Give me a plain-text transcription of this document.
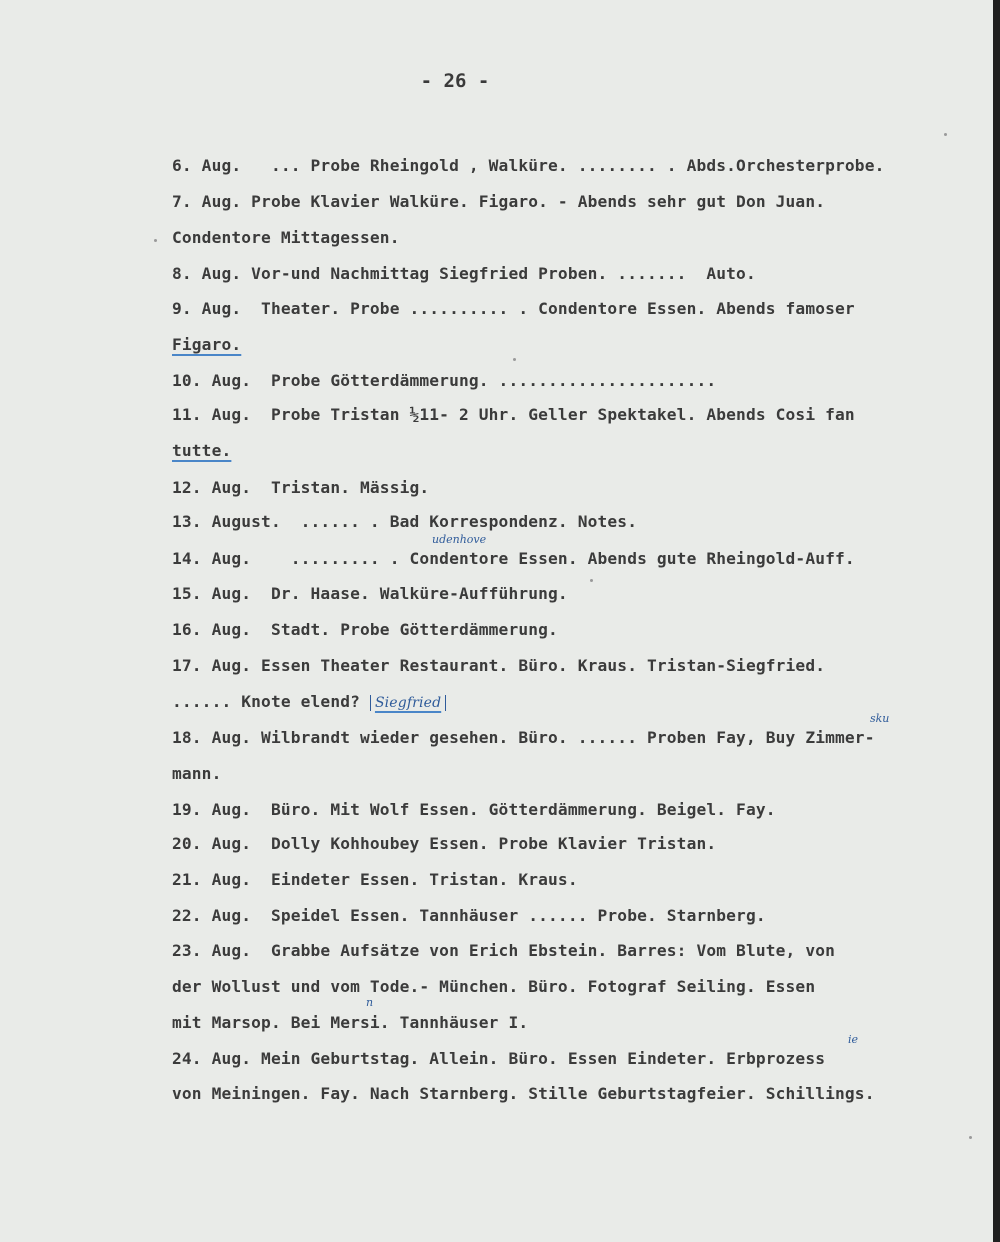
- 26 -
6. Aug.   ... Probe Rheingold , Walküre. ........ . Abds.Orchesterprobe.
7. Aug. Probe Klavier Walküre. Figaro. - Abends sehr gut Don Juan.
Condentore Mittagessen.
8. Aug. Vor-und Nachmittag Siegfried Proben. .......  Auto.
9. Aug.  Theater. Probe .......... . Condentore Essen. Abends famoser
Figaro.
10. Aug.  Probe Götterdämmerung. ......................
11. Aug.  Probe Tristan ½11- 2 Uhr. Geller Spektakel. Abends Cosi fan
tutte.
12. Aug.  Tristan. Mässig.
13. August.  ...... . Bad Korrespondenz. Notes.
udenhove
14. Aug.    ......... . Condentore Essen. Abends gute Rheingold-Auff.
15. Aug.  Dr. Haase. Walküre-Aufführung.
16. Aug.  Stadt. Probe Götterdämmerung.
17. Aug. Essen Theater Restaurant. Büro. Kraus. Tristan-Siegfried.
...... Knote elend? Siegfried
sku
18. Aug. Wilbrandt wieder gesehen. Büro. ...... Proben Fay, Buy Zimmer-
mann.
19. Aug.  Büro. Mit Wolf Essen. Götterdämmerung. Beigel. Fay.
20. Aug.  Dolly Kohhoubey Essen. Probe Klavier Tristan.
21. Aug.  Eindeter Essen. Tristan. Kraus.
22. Aug.  Speidel Essen. Tannhäuser ...... Probe. Starnberg.
23. Aug.  Grabbe Aufsätze von Erich Ebstein. Barres: Vom Blute, von
der Wollust und vom Tode.- München. Büro. Fotograf Seiling. Essen
n
mit Marsop. Bei Mersi. Tannhäuser I.
ie
24. Aug. Mein Geburtstag. Allein. Büro. Essen Eindeter. Erbprozess
von Meiningen. Fay. Nach Starnberg. Stille Geburtstagfeier. Schillings.
